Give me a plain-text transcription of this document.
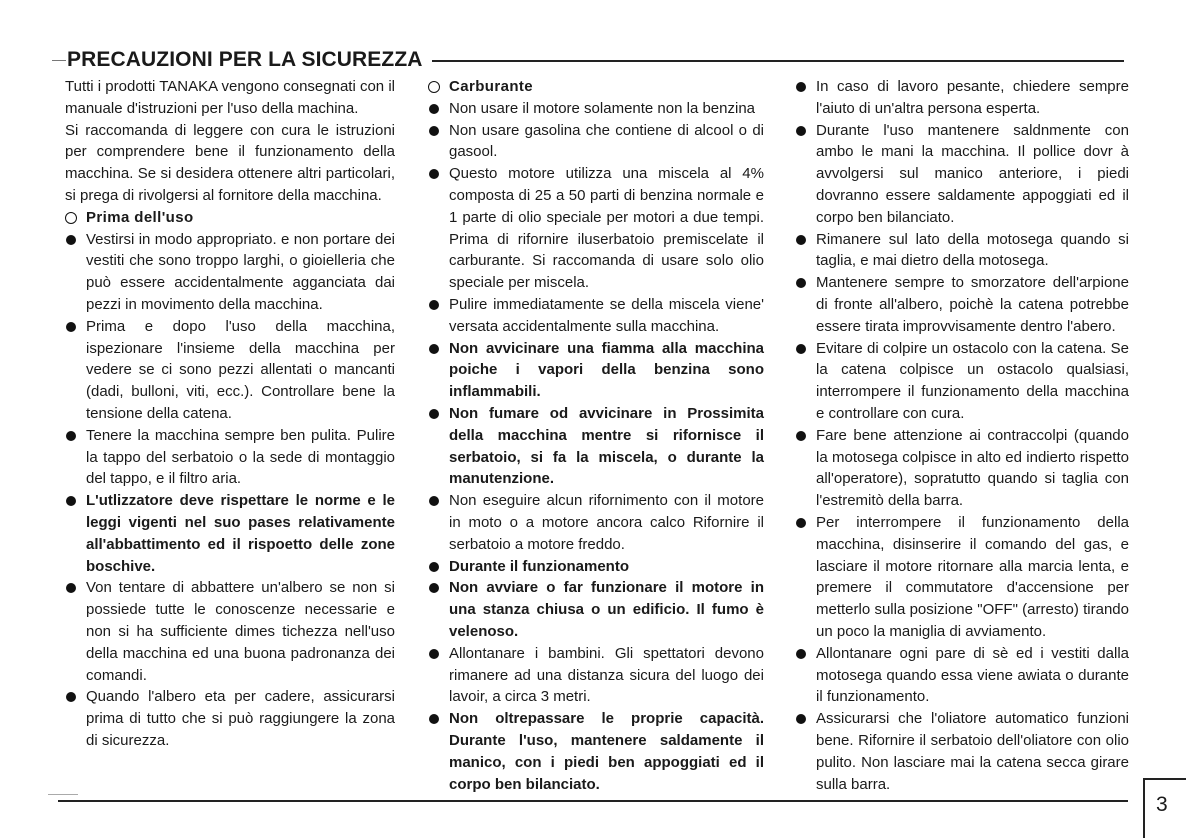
PRECAUZIONI PER LA SICUREZZA

Tutti i prodotti TANAKA vengono consegnati con il manuale d'istruzioni per l'uso della machina.

Si raccomanda di leggere con cura le istruzioni per comprendere bene il funzionamento della macchina. Se si desidera ottenere altri particolari, si prega di rivolgersi al fornitore della macchina.

Prima dell'uso
Vestirsi in modo appropriato. e non portare dei vestiti che sono troppo larghi, o gioielleria che può essere accidentalmente agganciata dai pezzi in movimento della macchina.
Prima e dopo l'uso della macchina, ispezionare l'insieme della macchina per vedere se ci sono pezzi allentati o mancanti (dadi, bulloni, viti, ecc.). Controllare bene la tensione della catena.
Tenere la macchina sempre ben pulita. Pulire la tappo del serbatoio o la sede di montaggio del tappo, e il filtro aria.
L'utlizzatore deve rispettare le norme e le leggi vigenti nel suo pases relativamente all'abbattimento ed il rispoetto delle zone boschive.
Von tentare di abbattere un'albero se non si possiede tutte le conoscenze necessarie e non si ha sufficiente dimes tichezza nell'uso della macchina ed una buona padronanza dei comandi.
Quando l'albero eta per cadere, assicurarsi prima di tutto che si può raggiungere la zona di sicurezza.
Carburante
Non usare il motore solamente non la benzina
Non usare gasolina che contiene di alcool o di gasool.
Questo motore utilizza una miscela al 4% composta di 25 a 50 parti di benzina normale e 1 parte di olio speciale per motori a due tempi. Prima di rifornire iluserbatoio premiscelate il carburante. Si raccomanda di usare solo olio speciale per miscela.
Pulire immediatamente se della miscela viene' versata accidentalmente sulla macchina.
Non avvicinare una fiamma alla macchina poiche i vapori della benzina sono inflammabili.
Non fumare od avvicinare in Prossimita della macchina mentre si rifornisce il serbatoio, si fa la miscela, o durante la manutenzione.
Non eseguire alcun rifornimento con il motore in moto o a motore ancora calco Rifornire il serbatoio a motore freddo.
Durante il funzionamento
Non avviare o far funzionare il motore in una stanza chiusa o un edificio. Il fumo è velenoso.
Allontanare i bambini. Gli spettatori devono rimanere ad una distanza sicura del luogo dei lavoir, a circa 3 metri.
Non oltrepassare le proprie capacità. Durante l'uso, mantenere saldamente il manico, con i piedi ben appoggiati ed il corpo ben bilanciato.
In caso di lavoro pesante, chiedere sempre l'aiuto di un'altra persona esperta.
Durante l'uso mantenere saldnmente con ambo le mani la macchina. Il pollice dovr à avvolgersi sul manico anteriore, i piedi dovranno essere saldamente appoggiati ed il corpo ben bilanciato.
Rimanere sul lato della motosega quando si taglia, e mai dietro della motosega.
Mantenere sempre to smorzatore dell'arpione di fronte all'albero, poichè la catena potrebbe essere tirata improvvisamente dentro l'abero.
Evitare di colpire un ostacolo con la catena. Se la catena colpisce un ostacolo qualsiasi, interrompere il funzionamento della macchina e controllare con cura.
Fare bene attenzione ai contraccolpi (quando la motosega colpisce in alto ed indierto rispetto all'operatore), sopratutto quando si taglia con l'estremitò della barra.
Per interrompere il funzionamento della macchina, disinserire il comando del gas, e lasciare il motore ritornare alla marcia lenta, e premere il commutatore d'accensione per metterlo sulla posizione "OFF" (arresto) tirando un poco la maniglia di avviamento.
Allontanare ogni pare di sè ed i vestiti dalla motosega quando essa viene awiata o durante il funzionamento.
Assicurarsi che l'oliatore automatico funzioni bene. Rifornire il serbatoio dell'oliatore con olio pulito. Non lasciare mai la catena secca girare sulla barra.
3
